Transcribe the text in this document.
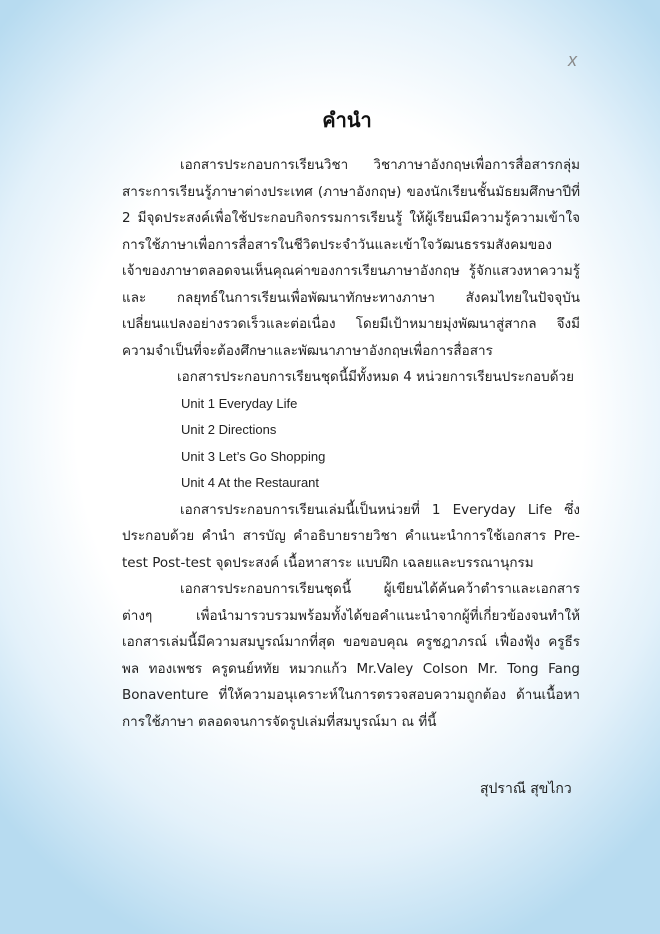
x
คำนำ

เอกสารประกอบการเรียนวิชา วิชาภาษาอังกฤษเพื่อการสื่อสารกลุ่มสาระการเรียนรู้ภาษาต่างประเทศ (ภาษาอังกฤษ) ของนักเรียนชั้นมัธยมศึกษาปีที่ 2 มีจุดประสงค์เพื่อใช้ประกอบกิจกรรมการเรียนรู้ ให้ผู้เรียนมีความรู้ความเข้าใจการใช้ภาษาเพื่อการสื่อสารในชีวิตประจำวันและเข้าใจวัฒนธรรมสังคมของเจ้าของภาษาตลอดจนเห็นคุณค่าของการเรียนภาษาอังกฤษ รู้จักแสวงหาความรู้และ กลยุทธ์ในการเรียนเพื่อพัฒนาทักษะทางภาษา สังคมไทยในปัจจุบันเปลี่ยนแปลงอย่างรวดเร็วและต่อเนื่อง โดยมีเป้าหมายมุ่งพัฒนาสู่สากล จึงมีความจำเป็นที่จะต้องศึกษาและพัฒนาภาษาอังกฤษเพื่อการสื่อสาร

เอกสารประกอบการเรียนชุดนี้มีทั้งหมด 4 หน่วยการเรียนประกอบด้วย

Unit 1 Everyday Life
Unit 2 Directions
Unit 3 Let’s Go Shopping
Unit 4 At the Restaurant

เอกสารประกอบการเรียนเล่มนี้เป็นหน่วยที่ 1 Everyday Life ซึ่งประกอบด้วย คำนำ สารบัญ คำอธิบายรายวิชา คำแนะนำการใช้เอกสาร Pre-test Post-test จุดประสงค์ เนื้อหาสาระ แบบฝึก เฉลยและบรรณานุกรม

เอกสารประกอบการเรียนชุดนี้ ผู้เขียนได้ค้นคว้าตำราและเอกสารต่างๆ เพื่อนำมารวบรวมพร้อมทั้งได้ขอคำแนะนำจากผู้ที่เกี่ยวข้องจนทำให้เอกสารเล่มนี้มีความสมบูรณ์มากที่สุด ขอขอบคุณ ครูชฎาภรณ์ เฟื่องฟุ้ง ครูธีรพล ทองเพชร ครูดนย์หทัย หมวกแก้ว Mr.Valey Colson Mr. Tong Fang Bonaventure ที่ให้ความอนุเคราะห์ในการตรวจสอบความถูกต้อง ด้านเนื้อหา การใช้ภาษา ตลอดจนการจัดรูปเล่มที่สมบูรณ์มา ณ ที่นี้

สุปราณี สุขไกว
